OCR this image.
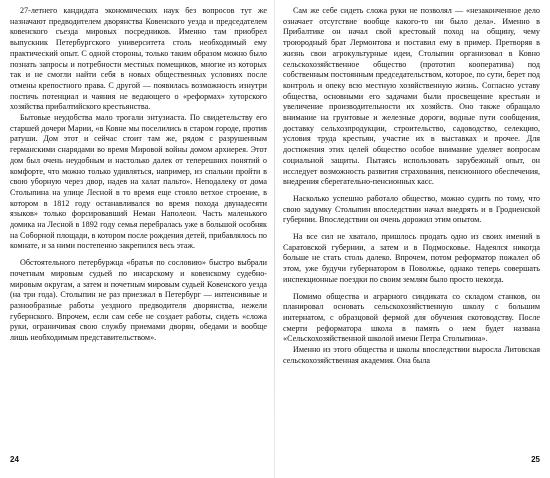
27-летнего кандидата экономических наук без вопросов тут же назначают предводителем дворянства Ковенского уезда и председателем ковенского съезда мировых посредников. Именно там приобрел выпускник Петербургского университета столь необходимый ему практический опыт. С одной стороны, только таким образом можно было познать запросы и потребности местных помещиков, многие из которых так и не смогли найти себя в новых общественных условиях после отмены крепостного права. С другой — появилась возможность изнутри постичь потенциал и чаяния не ведающего о «реформах» хуторского хозяйства прибалтийского крестьянства.

Бытовые неудобства мало трогали энтузиаста. По свидетельству его старшей дочери Марии, «в Ковне мы поселились в старом городе, против ратуши. Дом этот и сейчас стоит там же, рядом с разрушенным германскими снарядами во время Мировой войны домом архиерея. Этот дом был очень неудобным и настолько далек от теперешних понятий о комфорте, что можно только удивляться, например, из спальни пройти в свою уборную через двор, надев на халат пальто». Неподалеку от дома Столыпина на улице Лесной в то время еще стояло ветхое строение, в котором в 1812 году останавливался во время похода двунадесяти языков» только форсировавший Неман Наполеон. Часть маленького домика на Лесной в 1892 году семья перебралась уже в большой особняк на Соборной площади, в котором после рождения детей, прибавлялось по комнате, и за ними постепенно закрепился весь этаж.

Обстоятельного петербуржца «братья по сословию» быстро выбрали почетным мировым судьей по инсарскому и ковенскому судебно-мировым округам, а затем и почетным мировым судьей Ковенского уезда (на три года). Столыпин не раз приезжал в Петербург — интенсивные и разнообразные работы уездного предводителя дворянства, нежели губернского. Впрочем, если сам себе не создает работы, сидеть «сложа руки, ограничивая свою службу приемами дворян, обедами и вообще лишь необходимым представительством».

24

Сам же себе сидеть сложа руки не позволял — «незаконченное дело означает отсутствие вообще какого-то ни было дела». Именно в Прибалтике он начал свой крестовый поход на общину, чему троюродный брат Лермонтова и поставил ему в пример. Претворяя в жизнь свои агрокультурные идеи, Столыпин организовал в Ковно сельскохозяйственное общество (прототип кооператива) под собственным постоянным председательством, которое, по сути, берет под контроль и опеку всю местную хозяйственную жизнь. Согласно уставу общества, основными его задачами были просвещение крестьян и увеличение производительности их хозяйств. Оно также обращало внимание на грунтовые и железные дороги, водные пути сообщения, доставку сельхозпродукции, строительство, садоводство, селекцию, условия труда крестьян, участие их в выставках и прочее. Для достижения этих целей общество особое внимание уделяет вопросам социальной защиты. Пытаясь использовать зарубежный опыт, он исследует возможность развития страхования, пенсионного обеспечения, внедрения сберегательно-пенсионных касс.

Насколько успешно работало общество, можно судить по тому, что свою задумку Столыпин впоследствии начал внедрять и в Гродненской губернии. Впоследствии он очень дорожил этим опытом.

На все сил не хватало, пришлось продать одно из своих имений в Саратовской губернии, а затем и в Подмосковье. Надеялся никогда больше не стать столь далеко. Впрочем, потом реформатор пожалел об этом, уже будучи губернатором в Поволжье, однако теперь совершать инспекционные поездки по своим землям было просто некогда.

Помимо общества и аграрного синдиката со складом станков, он планировал основать сельскохозяйственную школу с большим интернатом, с образцовой фермой для обучения скотоводству. После смерти реформатора школа в память о нем будет названа «Сельскохозяйственной школой имени Петра Столыпина».

Именно из этого общества и школы впоследствии выросла Литовская сельскохозяйственная академия. Она была

25
